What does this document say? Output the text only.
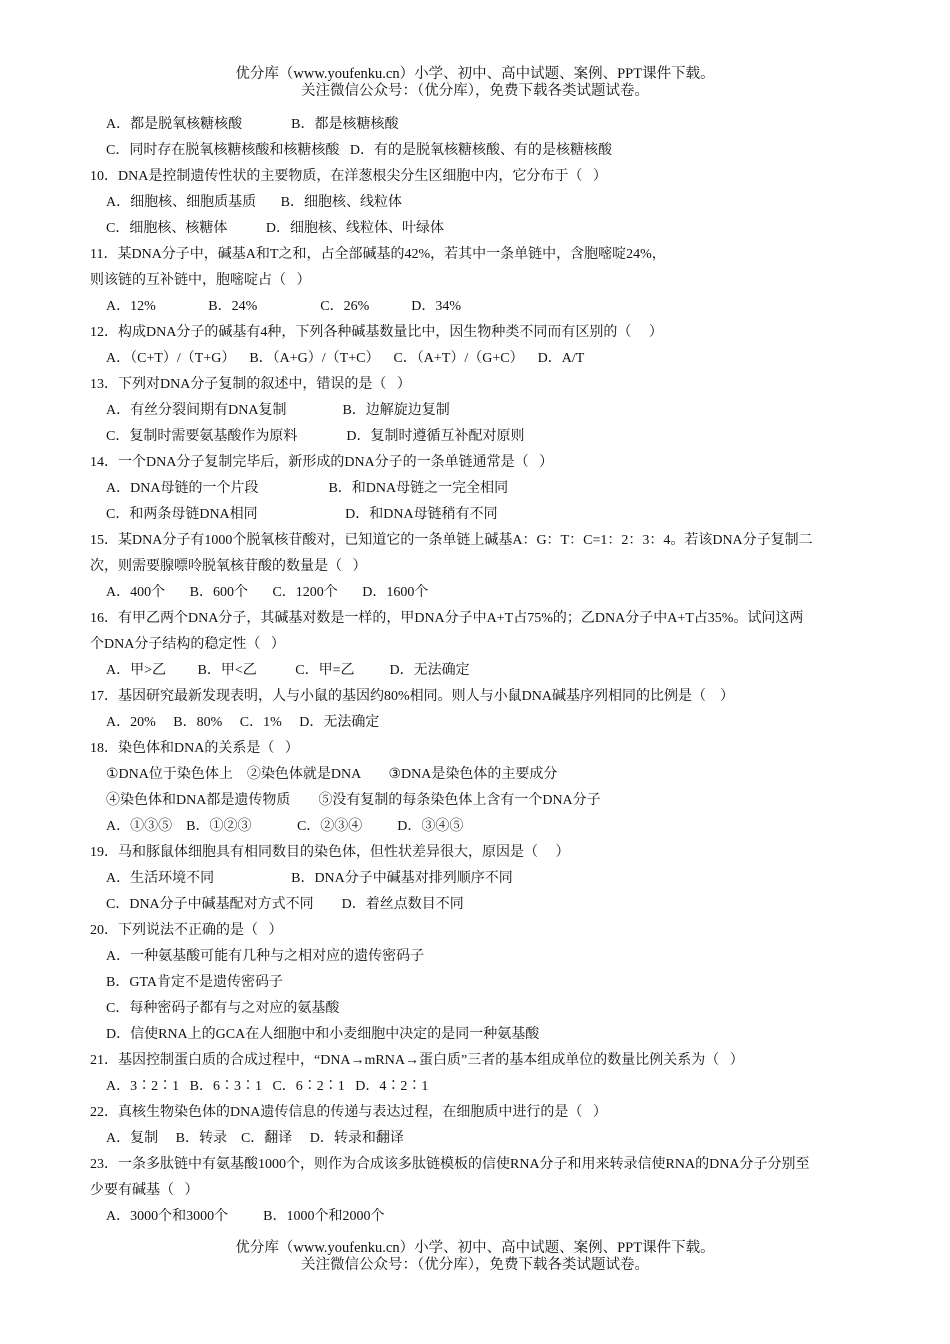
优分库（www.youfenku.cn）小学、初中、高中试题、案例、PPT课件下载。
关注微信公众号：（优分库），免费下载各类试题试卷。
A．都是脱氧核糖核酸              B．都是核糖核酸
C．同时存在脱氧核糖核酸和核糖核酸   D．有的是脱氧核糖核酸、有的是核糖核酸
10．DNA是控制遗传性状的主要物质，在洋葱根尖分生区细胞中内，它分布于（   ）
A．细胞核、细胞质基质       B．细胞核、线粒体
C．细胞核、核糖体           D．细胞核、线粒体、叶绿体
11．某DNA分子中，碱基A和T之和，占全部碱基的42%，若其中一条单链中，含胞嘧啶24%，
则该链的互补链中，胞嘧啶占（   ）
A．12%               B．24%                  C．26%            D．34%
12．构成DNA分子的碱基有4种，下列各种碱基数量比中，因生物种类不同而有区别的（     ）
A．（C+T）/（T+G）    B．（A+G）/（T+C）    C．（A+T）/（G+C）    D．A/T
13．下列对DNA分子复制的叙述中，错误的是（   ）
A．有丝分裂间期有DNA复制                B．边解旋边复制
C．复制时需要氨基酸作为原料              D．复制时遵循互补配对原则
14．一个DNA分子复制完毕后，新形成的DNA分子的一条单链通常是（   ）
A．DNA母链的一个片段                    B．和DNA母链之一完全相同
C．和两条母链DNA相同                         D．和DNA母链稍有不同
15．某DNA分子有1000个脱氧核苷酸对，已知道它的一条单链上碱基A：G：T：C=1：2：3：4。若该DNA分子复制二
次，则需要腺嘌呤脱氧核苷酸的数量是（   ）
A．400个       B．600个       C．1200个       D．1600个
16．有甲乙两个DNA分子，其碱基对数是一样的，甲DNA分子中A+T占75%的；乙DNA分子中A+T占35%。试问这两
个DNA分子结构的稳定性（   ）
A．甲>乙         B．甲<乙           C．甲=乙          D．无法确定
17．基因研究最新发现表明，人与小鼠的基因约80%相同。则人与小鼠DNA碱基序列相同的比例是（    ）
A．20%     B．80%     C．1%     D．无法确定
18．染色体和DNA的关系是（   ）
①DNA位于染色体上    ②染色体就是DNA        ③DNA是染色体的主要成分
④染色体和DNA都是遗传物质        ⑤没有复制的每条染色体上含有一个DNA分子
A．①③⑤    B．①②③             C．②③④          D．③④⑤
19．马和豚鼠体细胞具有相同数目的染色体，但性状差异很大，原因是（     ）
A．生活环境不同                      B．DNA分子中碱基对排列顺序不同
C．DNA分子中碱基配对方式不同        D．着丝点数目不同
20．下列说法不正确的是（   ）
A．一种氨基酸可能有几种与之相对应的遗传密码子
B．GTA肯定不是遗传密码子
C．每种密码子都有与之对应的氨基酸
D．信使RNA上的GCA在人细胞中和小麦细胞中决定的是同一种氨基酸
21．基因控制蛋白质的合成过程中，“DNA→mRNA→蛋白质”三者的基本组成单位的数量比例关系为（   ）
A．3∶2∶1   B．6∶3∶1   C．6∶2∶1   D．4∶2∶1
22．真核生物染色体的DNA遗传信息的传递与表达过程，在细胞质中进行的是（   ）
A．复制     B．转录    C．翻译     D．转录和翻译
23．一条多肽链中有氨基酸1000个，则作为合成该多肽链模板的信使RNA分子和用来转录信使RNA的DNA分子分别至
少要有碱基（   ）
A．3000个和3000个          B．1000个和2000个
优分库（www.youfenku.cn）小学、初中、高中试题、案例、PPT课件下载。
关注微信公众号：（优分库），免费下载各类试题试卷。
